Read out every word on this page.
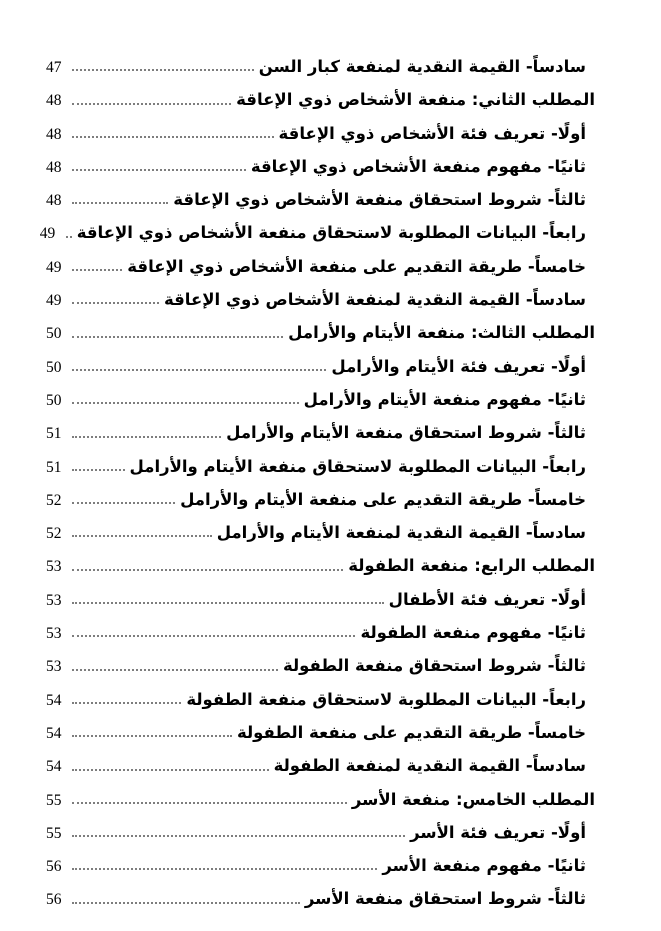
سادساً- القيمة النقدية لمنفعة كبار السن
47
المطلب الثاني: منفعة الأشخاص ذوي الإعاقة
48
أولًا- تعريف فئة الأشخاص ذوي الإعاقة
48
ثانيًا- مفهوم منفعة الأشخاص ذوي الإعاقة
48
ثالثاً- شروط استحقاق منفعة الأشخاص ذوي الإعاقة
48
رابعاً- البيانات المطلوبة لاستحقاق منفعة الأشخاص ذوي الإعاقة
49
خامساً- طريقة التقديم على منفعة الأشخاص ذوي الإعاقة
49
سادساً- القيمة النقدية لمنفعة الأشخاص ذوي الإعاقة
49
المطلب الثالث: منفعة الأيتام والأرامل
50
أولًا- تعريف فئة الأيتام والأرامل
50
ثانيًا- مفهوم منفعة الأيتام والأرامل
50
ثالثاً- شروط استحقاق منفعة الأيتام والأرامل
51
رابعاً- البيانات المطلوبة لاستحقاق منفعة الأيتام والأرامل
51
خامساً- طريقة التقديم على منفعة الأيتام والأرامل
52
سادساً- القيمة النقدية لمنفعة الأيتام والأرامل
52
المطلب الرابع: منفعة الطفولة
53
أولًا- تعريف فئة الأطفال
53
ثانيًا- مفهوم منفعة الطفولة
53
ثالثاً- شروط استحقاق منفعة الطفولة
53
رابعاً- البيانات المطلوبة لاستحقاق منفعة الطفولة
54
خامساً- طريقة التقديم على منفعة الطفولة
54
سادساً- القيمة النقدية لمنفعة الطفولة
54
المطلب الخامس: منفعة الأسر
55
أولًا- تعريف فئة الأسر
55
ثانيًا- مفهوم منفعة الأسر
56
ثالثاً- شروط استحقاق منفعة الأسر
56
